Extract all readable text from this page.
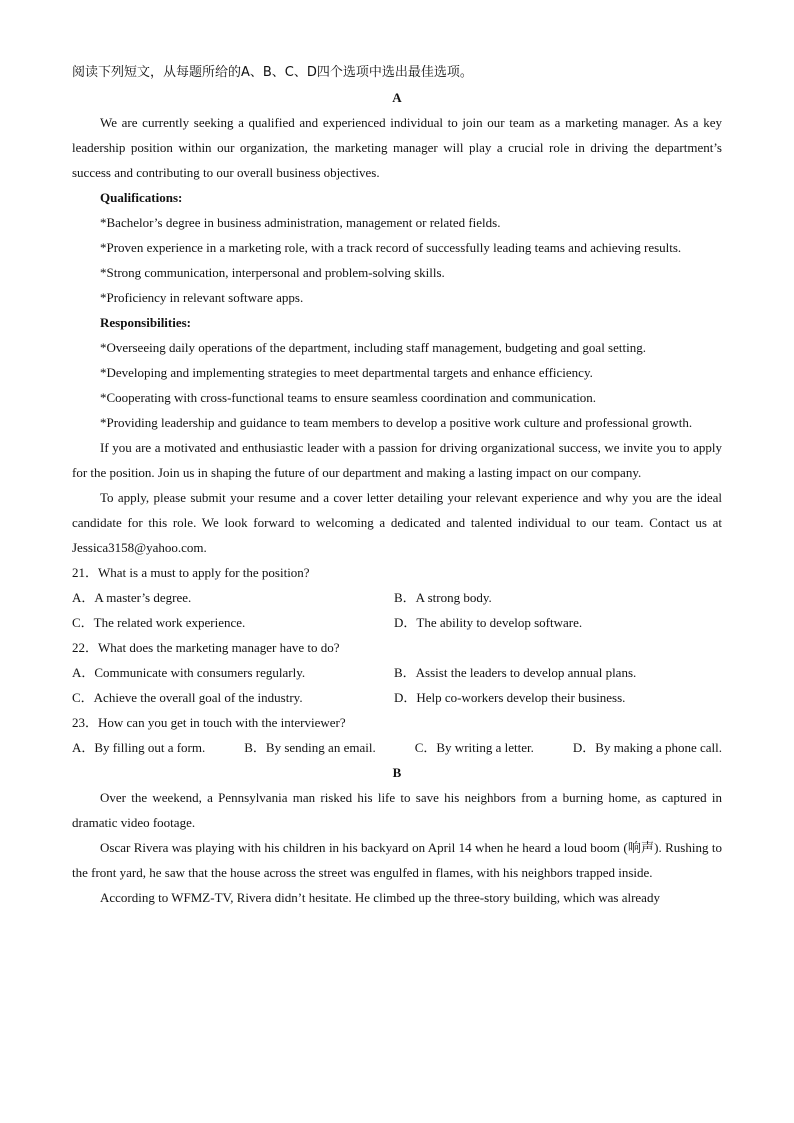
阅读下列短文，从每题所给的A、B、C、D四个选项中选出最佳选项。

A

We are currently seeking a qualified and experienced individual to join our team as a marketing manager. As a key leadership position within our organization, the marketing manager will play a crucial role in driving the department’s success and contributing to our overall business objectives.

Qualifications:

*Bachelor’s degree in business administration, management or related fields.

*Proven experience in a marketing role, with a track record of successfully leading teams and achieving results.

*Strong communication, interpersonal and problem-solving skills.

*Proficiency in relevant software apps.

Responsibilities:

*Overseeing daily operations of the department, including staff management, budgeting and goal setting.

*Developing and implementing strategies to meet departmental targets and enhance efficiency.

*Cooperating with cross-functional teams to ensure seamless coordination and communication.

*Providing leadership and guidance to team members to develop a positive work culture and professional growth.

If you are a motivated and enthusiastic leader with a passion for driving organizational success, we invite you to apply for the position. Join us in shaping the future of our department and making a lasting impact on our company.

To apply, please submit your resume and a cover letter detailing your relevant experience and why you are the ideal candidate for this role. We look forward to welcoming a dedicated and talented individual to our team. Contact us at Jessica3158@yahoo.com.

21．What is a must to apply for the position?

A．A master’s degree.	B．A strong body.
C．The related work experience.	D．The ability to develop software.

22．What does the marketing manager have to do?

A．Communicate with consumers regularly.	B．Assist the leaders to develop annual plans.
C．Achieve the overall goal of the industry.	D．Help co-workers develop their business.

23．How can you get in touch with the interviewer?

A．By filling out a form.	B．By sending an email.	C．By writing a letter.	D．By making a phone call.

B

Over the weekend, a Pennsylvania man risked his life to save his neighbors from a burning home, as captured in dramatic video footage.

Oscar Rivera was playing with his children in his backyard on April 14 when he heard a loud boom (响声). Rushing to the front yard, he saw that the house across the street was engulfed in flames, with his neighbors trapped inside.

According to WFMZ-TV, Rivera didn’t hesitate. He climbed up the three-story building, which was already
